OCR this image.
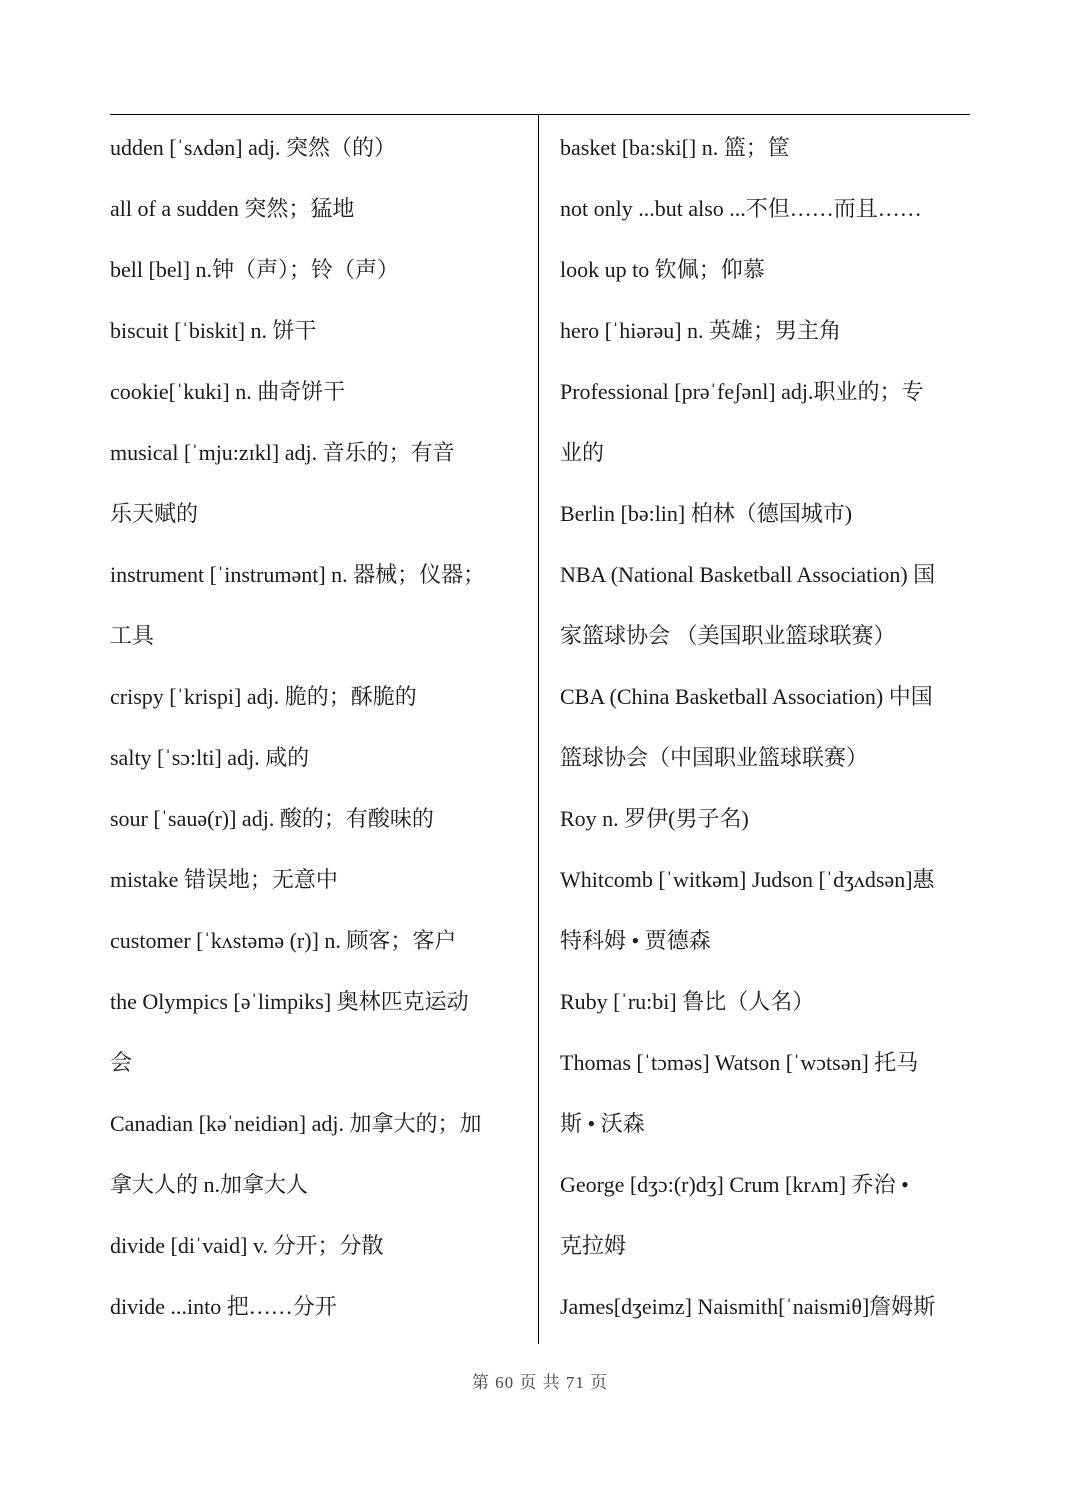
udden [ˈsʌdən] adj. 突然（的）
all of a sudden 突然；猛地
bell [bel] n.钟（声）；铃（声）
biscuit [ˈbiskit] n. 饼干
cookie[ˈkuki] n. 曲奇饼干
musical [ˈmju:zɪkl] adj. 音乐的；有音
乐天赋的
instrument [ˈinstrumənt] n. 器械；仪器；
工具
crispy [ˈkrispi] adj. 脆的；酥脆的
salty [ˈsɔ:lti] adj. 咸的
sour [ˈsauə(r)] adj. 酸的；有酸味的
mistake 错误地；无意中
customer [ˈkʌstəmə (r)] n. 顾客；客户
the Olympics [əˈlimpiks] 奥林匹克运动
会
Canadian [kəˈneidiən] adj. 加拿大的；加
拿大人的 n.加拿大人
divide [diˈvaid] v. 分开；分散
divide ...into 把……分开
basket [ba:ski[] n. 篮；筐
not only ...but also ...不但……而且……
look up to 钦佩；仰慕
hero [ˈhiərəu] n. 英雄；男主角
Professional [prəˈfeʃənl] adj.职业的；专
业的
Berlin [bə:lin] 柏林（德国城市)
NBA (National Basketball Association) 国
家篮球协会 （美国职业篮球联赛）
CBA (China Basketball Association) 中国
篮球协会（中国职业篮球联赛）
Roy n. 罗伊(男子名)
Whitcomb [ˈwitkəm] Judson [ˈdʒʌdsən]惠
特科姆 • 贾德森
Ruby [ˈru:bi] 鲁比（人名）
Thomas [ˈtɔməs] Watson [ˈwɔtsən] 托马
斯 • 沃森
George [dʒɔ:(r)dʒ] Crum [krʌm] 乔治 •
克拉姆
James[dʒeimz] Naismith[ˈnaismiθ]詹姆斯
第 60 页 共 71 页
